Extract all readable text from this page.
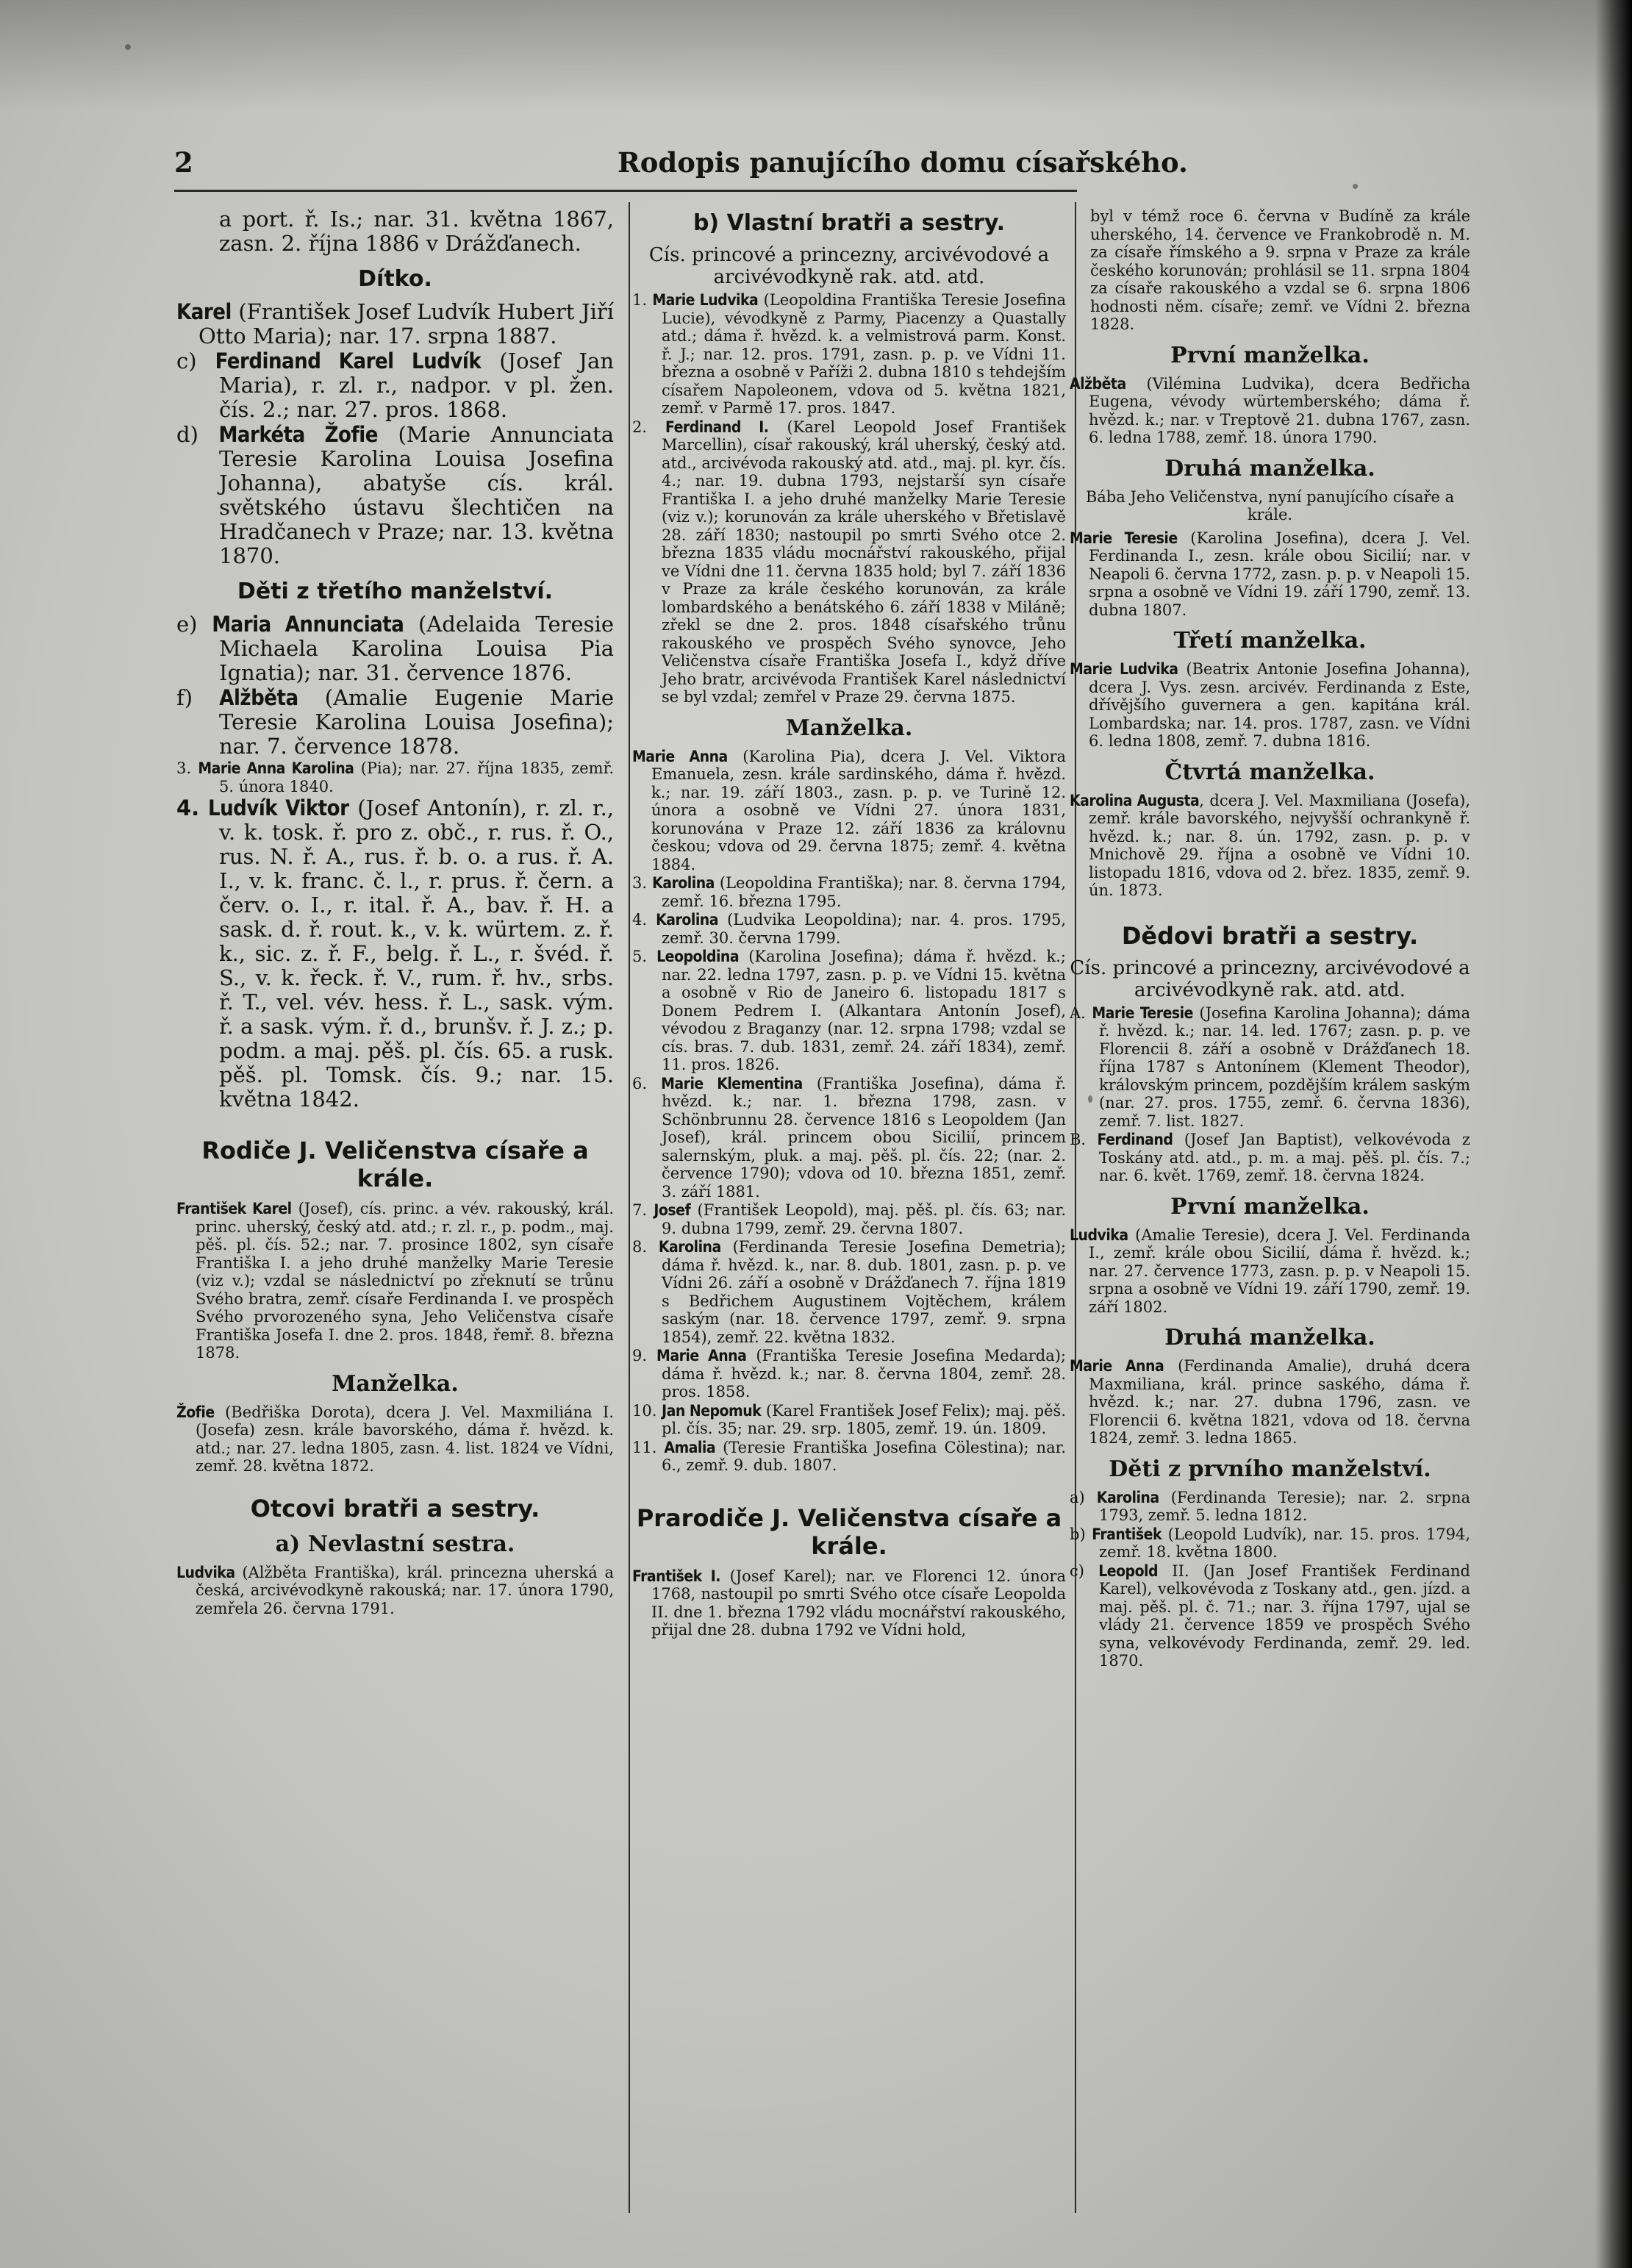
2	Rodopis panujícího domu císařského.

a port. ř. Is.; nar. 31. května 1867, zasn. 2. října 1886 v Drážďanech.

Dítko.

Karel (František Josef Ludvík Hubert Jiří Otto Maria); nar. 17. srpna 1887.

c) Ferdinand Karel Ludvík (Josef Jan Maria), r. zl. r., nadpor. v pl. žen. čís. 2.; nar. 27. pros. 1868.

d) Markéta Žofie (Marie Annunciata Teresie Karolina Louisa Josefina Johanna), abatyše cís. král. světského ústavu šlechtičen na Hradčanech v Praze; nar. 13. května 1870.

Děti z třetího manželství.

e) Maria Annunciata (Adelaida Teresie Michaela Karolina Louisa Pia Ignatia); nar. 31. července 1876.

f) Alžběta (Amalie Eugenie Marie Teresie Karolina Louisa Josefina); nar. 7. července 1878.

3. Marie Anna Karolina (Pia); nar. 27. října 1835, zemř. 5. února 1840.

4. Ludvík Viktor (Josef Antonín), r. zl. r., v. k. tosk. ř. pro z. obč., r. rus. ř. O., rus. N. ř. A., rus. ř. b. o. a rus. ř. A. I., v. k. franc. č. l., r. prus. ř. čern. a červ. o. I., r. ital. ř. A., bav. ř. H. a sask. d. ř. rout. k., v. k. würtem. z. ř. k., sic. z. ř. F., belg. ř. L., r. švéd. ř. S., v. k. řeck. ř. V., rum. ř. hv., srbs. ř. T., vel. vév. hess. ř. L., sask. vým. ř. a sask. vým. ř. d., brunšv. ř. J. z.; p. podm. a maj. pěš. pl. čís. 65. a rusk. pěš. pl. Tomsk. čís. 9.; nar. 15. května 1842.

Rodiče J. Veličenstva císaře a krále.

František Karel (Josef), cís. princ. a vév. rakouský, král. princ. uherský, český atd. atd.; r. zl. r., p. podm., maj. pěš. pl. čís. 52.; nar. 7. prosince 1802, syn císaře Františka I. a jeho druhé manželky Marie Teresie (viz v.); vzdal se následnictví po zřeknutí se trůnu Svého bratra, zemř. císaře Ferdinanda I. ve prospěch Svého prvorozeného syna, Jeho Veličenstva císaře Františka Josefa I. dne 2. pros. 1848, řemř. 8. března 1878.

Manželka.

Žofie (Bedřiška Dorota), dcera J. Vel. Maxmiliána I. (Josefa) zesn. krále bavorského, dáma ř. hvězd. k. atd.; nar. 27. ledna 1805, zasn. 4. list. 1824 ve Vídni, zemř. 28. května 1872.

Otcovi bratři a sestry.
a) Nevlastní sestra.

Ludvika (Alžběta Františka), král. princezna uherská a česká, arcivévodkyně rakouská; nar. 17. února 1790, zemřela 26. června 1791.

b) Vlastní bratři a sestry.
Cís. princové a princezny, arcivévodové a arcivévodkyně rak. atd. atd.

1. Marie Ludvika (Leopoldina Františka Teresie Josefina Lucie), vévodkyně z Parmy, Piacenzy a Quastally atd.; dáma ř. hvězd. k. a velmistrová parm. Konst. ř. J.; nar. 12. pros. 1791, zasn. p. p. ve Vídni 11. března a osobně v Paříži 2. dubna 1810 s tehdejším císařem Napoleonem, vdova od 5. května 1821, zemř. v Parmě 17. pros. 1847.

2. Ferdinand I. (Karel Leopold Josef František Marcellin), císař rakouský, král uherský, český atd. atd., arcivévoda rakouský atd. atd., maj. pl. kyr. čís. 4.; nar. 19. dubna 1793, nejstarší syn císaře Františka I. a jeho druhé manželky Marie Teresie (viz v.); korunován za krále uherského v Břetislavě 28. září 1830; nastoupil po smrti Svého otce 2. března 1835 vládu mocnářství rakouského, přijal ve Vídni dne 11. června 1835 hold; byl 7. září 1836 v Praze za krále českého korunován, za krále lombardského a benátského 6. září 1838 v Miláně; zřekl se dne 2. pros. 1848 císařského trůnu rakouského ve prospěch Svého synovce, Jeho Veličenstva císaře Františka Josefa I., když dříve Jeho bratr, arcivévoda František Karel následnictví se byl vzdal; zemřel v Praze 29. června 1875.

Manželka.

Marie Anna (Karolina Pia), dcera J. Vel. Viktora Emanuela, zesn. krále sardinského, dáma ř. hvězd. k.; nar. 19. září 1803., zasn. p. p. ve Turině 12. února a osobně ve Vídni 27. února 1831, korunována v Praze 12. září 1836 za královnu českou; vdova od 29. června 1875; zemř. 4. května 1884.

3. Karolina (Leopoldina Františka); nar. 8. června 1794, zemř. 16. března 1795.

4. Karolina (Ludvika Leopoldina); nar. 4. pros. 1795, zemř. 30. června 1799.

5. Leopoldina (Karolina Josefina); dáma ř. hvězd. k.; nar. 22. ledna 1797, zasn. p. p. ve Vídni 15. května a osobně v Rio de Janeiro 6. listopadu 1817 s Donem Pedrem I. (Alkantara Antonín Josef), vévodou z Braganzy (nar. 12. srpna 1798; vzdal se cís. bras. 7. dub. 1831, zemř. 24. září 1834), zemř. 11. pros. 1826.

6. Marie Klementina (Františka Josefina), dáma ř. hvězd. k.; nar. 1. března 1798, zasn. v Schönbrunnu 28. července 1816 s Leopoldem (Jan Josef), král. princem obou Sicilií, princem salernským, pluk. a maj. pěš. pl. čís. 22; (nar. 2. července 1790); vdova od 10. března 1851, zemř. 3. září 1881.

7. Josef (František Leopold), maj. pěš. pl. čís. 63; nar. 9. dubna 1799, zemř. 29. června 1807.

8. Karolina (Ferdinanda Teresie Josefina Demetria); dáma ř. hvězd. k., nar. 8. dub. 1801, zasn. p. p. ve Vídni 26. září a osobně v Drážďanech 7. října 1819 s Bedřichem Augustinem Vojtěchem, králem saským (nar. 18. července 1797, zemř. 9. srpna 1854), zemř. 22. května 1832.

9. Marie Anna (Františka Teresie Josefina Medarda); dáma ř. hvězd. k.; nar. 8. června 1804, zemř. 28. pros. 1858.

10. Jan Nepomuk (Karel František Josef Felix); maj. pěš. pl. čís. 35; nar. 29. srp. 1805, zemř. 19. ún. 1809.

11. Amalia (Teresie Františka Josefina Cölestina); nar. 6., zemř. 9. dub. 1807.

Prarodiče J. Veličenstva císaře a krále.

František I. (Josef Karel); nar. ve Florenci 12. února 1768, nastoupil po smrti Svého otce císaře Leopolda II. dne 1. března 1792 vládu mocnářství rakouského, přijal dne 28. dubna 1792 ve Vídni hold,

byl v témž roce 6. června v Budíně za krále uherského, 14. července ve Frankobrodě n. M. za císaře římského a 9. srpna v Praze za krále českého korunován; prohlásil se 11. srpna 1804 za císaře rakouského a vzdal se 6. srpna 1806 hodnosti něm. císaře; zemř. ve Vídni 2. března 1828.

První manželka.

Alžběta (Vilémina Ludvika), dcera Bedřicha Eugena, vévody würtemberského; dáma ř. hvězd. k.; nar. v Treptově 21. dubna 1767, zasn. 6. ledna 1788, zemř. 18. února 1790.

Druhá manželka.
Bába Jeho Veličenstva, nyní panujícího císaře a krále.

Marie Teresie (Karolina Josefina), dcera J. Vel. Ferdinanda I., zesn. krále obou Sicilií; nar. v Neapoli 6. června 1772, zasn. p. p. v Neapoli 15. srpna a osobně ve Vídni 19. září 1790, zemř. 13. dubna 1807.

Třetí manželka.

Marie Ludvika (Beatrix Antonie Josefina Johanna), dcera J. Vys. zesn. arcivév. Ferdinanda z Este, dřívějšího guvernera a gen. kapitána král. Lombardska; nar. 14. pros. 1787, zasn. ve Vídni 6. ledna 1808, zemř. 7. dubna 1816.

Čtvrtá manželka.

Karolina Augusta, dcera J. Vel. Maxmiliana (Josefa), zemř. krále bavorského, nejvyšší ochrankyně ř. hvězd. k.; nar. 8. ún. 1792, zasn. p. p. v Mnichově 29. října a osobně ve Vídni 10. listopadu 1816, vdova od 2. břez. 1835, zemř. 9. ún. 1873.

Dědovi bratři a sestry.
Cís. princové a princezny, arcivévodové a arcivévodkyně rak. atd. atd.

A. Marie Teresie (Josefina Karolina Johanna); dáma ř. hvězd. k.; nar. 14. led. 1767; zasn. p. p. ve Florencii 8. září a osobně v Drážďanech 18. října 1787 s Antonínem (Klement Theodor), královským princem, pozdějším králem saským (nar. 27. pros. 1755, zemř. 6. června 1836), zemř. 7. list. 1827.

B. Ferdinand (Josef Jan Baptist), velkovévoda z Toskány atd. atd., p. m. a maj. pěš. pl. čís. 7.; nar. 6. květ. 1769, zemř. 18. června 1824.

První manželka.

Ludvika (Amalie Teresie), dcera J. Vel. Ferdinanda I., zemř. krále obou Sicilií, dáma ř. hvězd. k.; nar. 27. července 1773, zasn. p. p. v Neapoli 15. srpna a osobně ve Vídni 19. září 1790, zemř. 19. září 1802.

Druhá manželka.

Marie Anna (Ferdinanda Amalie), druhá dcera Maxmiliana, král. prince saského, dáma ř. hvězd. k.; nar. 27. dubna 1796, zasn. ve Florencii 6. května 1821, vdova od 18. června 1824, zemř. 3. ledna 1865.

Děti z prvního manželství.

a) Karolina (Ferdinanda Teresie); nar. 2. srpna 1793, zemř. 5. ledna 1812.

b) František (Leopold Ludvík), nar. 15. pros. 1794, zemř. 18. května 1800.

c) Leopold II. (Jan Josef František Ferdinand Karel), velkovévoda z Toskany atd., gen. jízd. a maj. pěš. pl. č. 71.; nar. 3. října 1797, ujal se vlády 21. července 1859 ve prospěch Svého syna, velkovévody Ferdinanda, zemř. 29. led. 1870.
